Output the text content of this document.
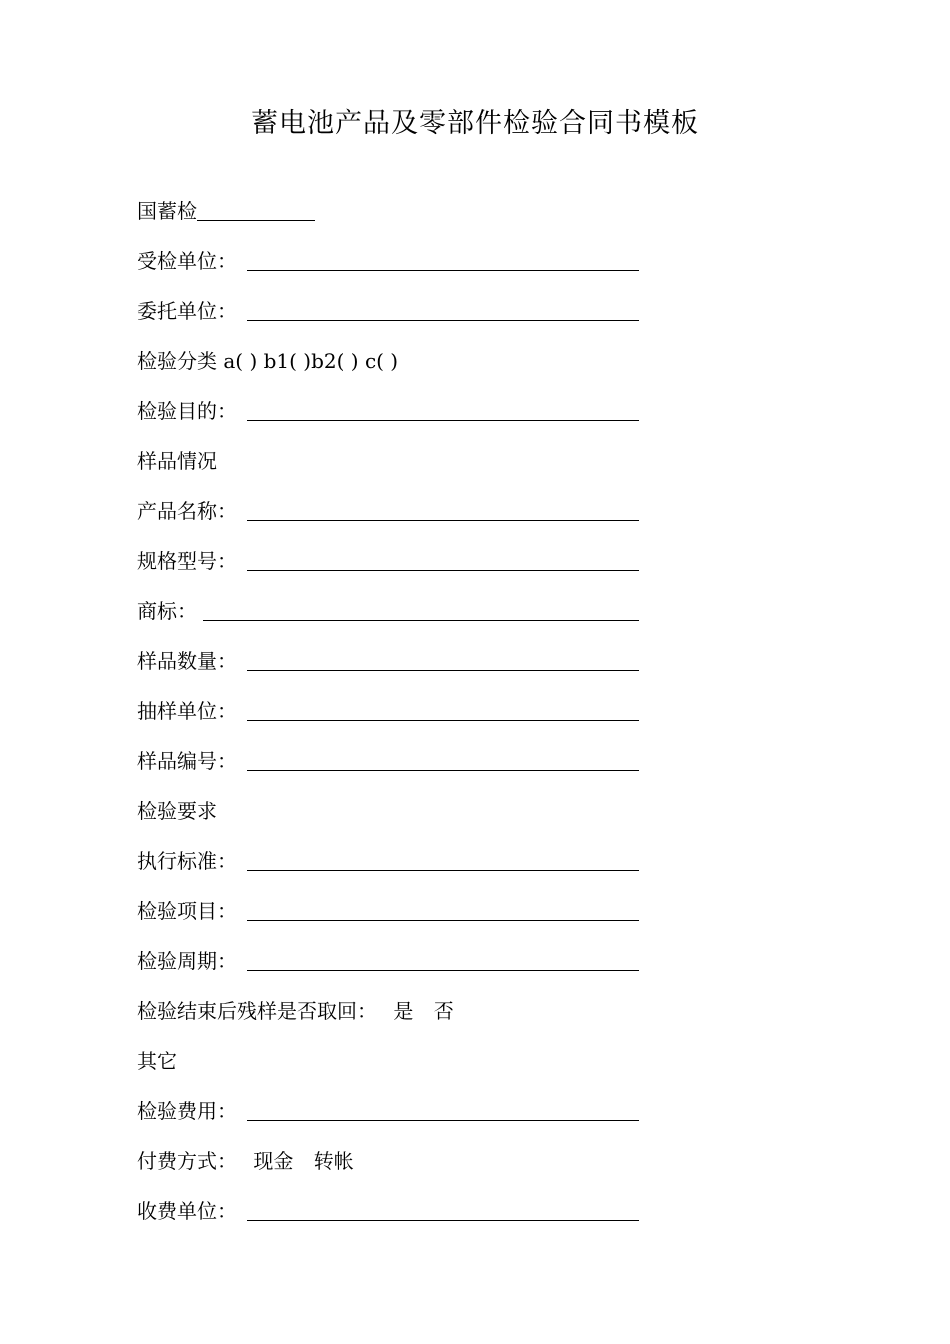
蓄电池产品及零部件检验合同书模板
国蓄检
受检单位：
委托单位：
检验分类 a( ) b1( )b2( ) c( )
检验目的：
样品情况
产品名称：
规格型号：
商标：
样品数量：
抽样单位：
样品编号：
检验要求
执行标准：
检验项目：
检验周期：
检验结束后残样是否取回： 是 否
其它
检验费用：
付费方式： 现金 转帐
收费单位：
